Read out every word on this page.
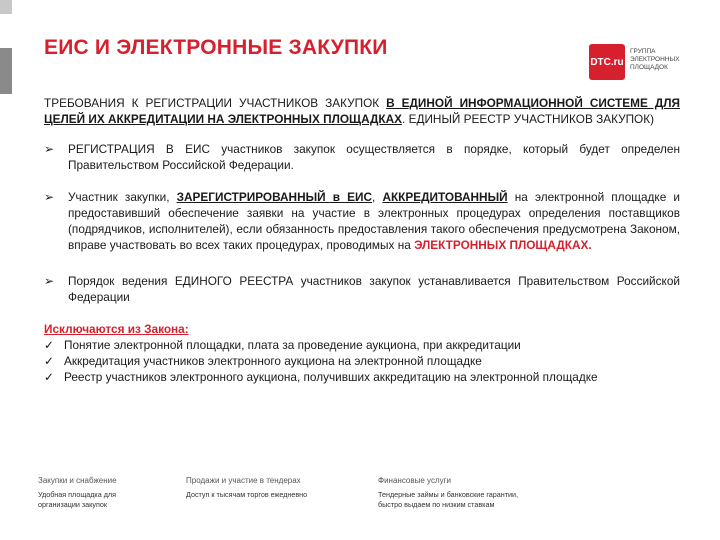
ЕИС И ЭЛЕКТРОННЫЕ ЗАКУПКИ
DTC.ru
ГРУППА
ЭЛЕКТРОННЫХ
ПЛОЩАДОК

ТРЕБОВАНИЯ К РЕГИСТРАЦИИ УЧАСТНИКОВ ЗАКУПОК В ЕДИНОЙ ИНФОРМАЦИОННОЙ СИСТЕМЕ ДЛЯ ЦЕЛЕЙ ИХ АККРЕДИТАЦИИ НА ЭЛЕКТРОННЫХ ПЛОЩАДКАХ. ЕДИНЫЙ РЕЕСТР УЧАСТНИКОВ ЗАКУПОК)

➢ РЕГИСТРАЦИЯ В ЕИС участников закупок осуществляется в порядке, который будет определен Правительством Российской Федерации.
➢ Участник закупки, ЗАРЕГИСТРИРОВАННЫЙ в ЕИС, АККРЕДИТОВАННЫЙ на электронной площадке и предоставивший обеспечение заявки на участие в электронных процедурах определения поставщиков (подрядчиков, исполнителей), если обязанность предоставления такого обеспечения предусмотрена Законом, вправе участвовать во всех таких процедурах, проводимых на ЭЛЕКТРОННЫХ ПЛОЩАДКАХ.
➢ Порядок ведения ЕДИНОГО РЕЕСТРА участников закупок устанавливается Правительством Российской Федерации
Исключаются из Закона:
✓ Понятие электронной площадки, плата за проведение аукциона, при аккредитации
✓ Аккредитация участников электронного аукциона на электронной площадке
✓ Реестр участников электронного аукциона, получивших аккредитацию на электронной площадке
Закупки и снабжение
Удобная площадка для
организации закупок
Продажи и участие в тендерах
Доступ к тысячам торгов ежедневно
Финансовые услуги
Тендерные займы и банковские гарантии,
быстро выдаем по низким ставкам
